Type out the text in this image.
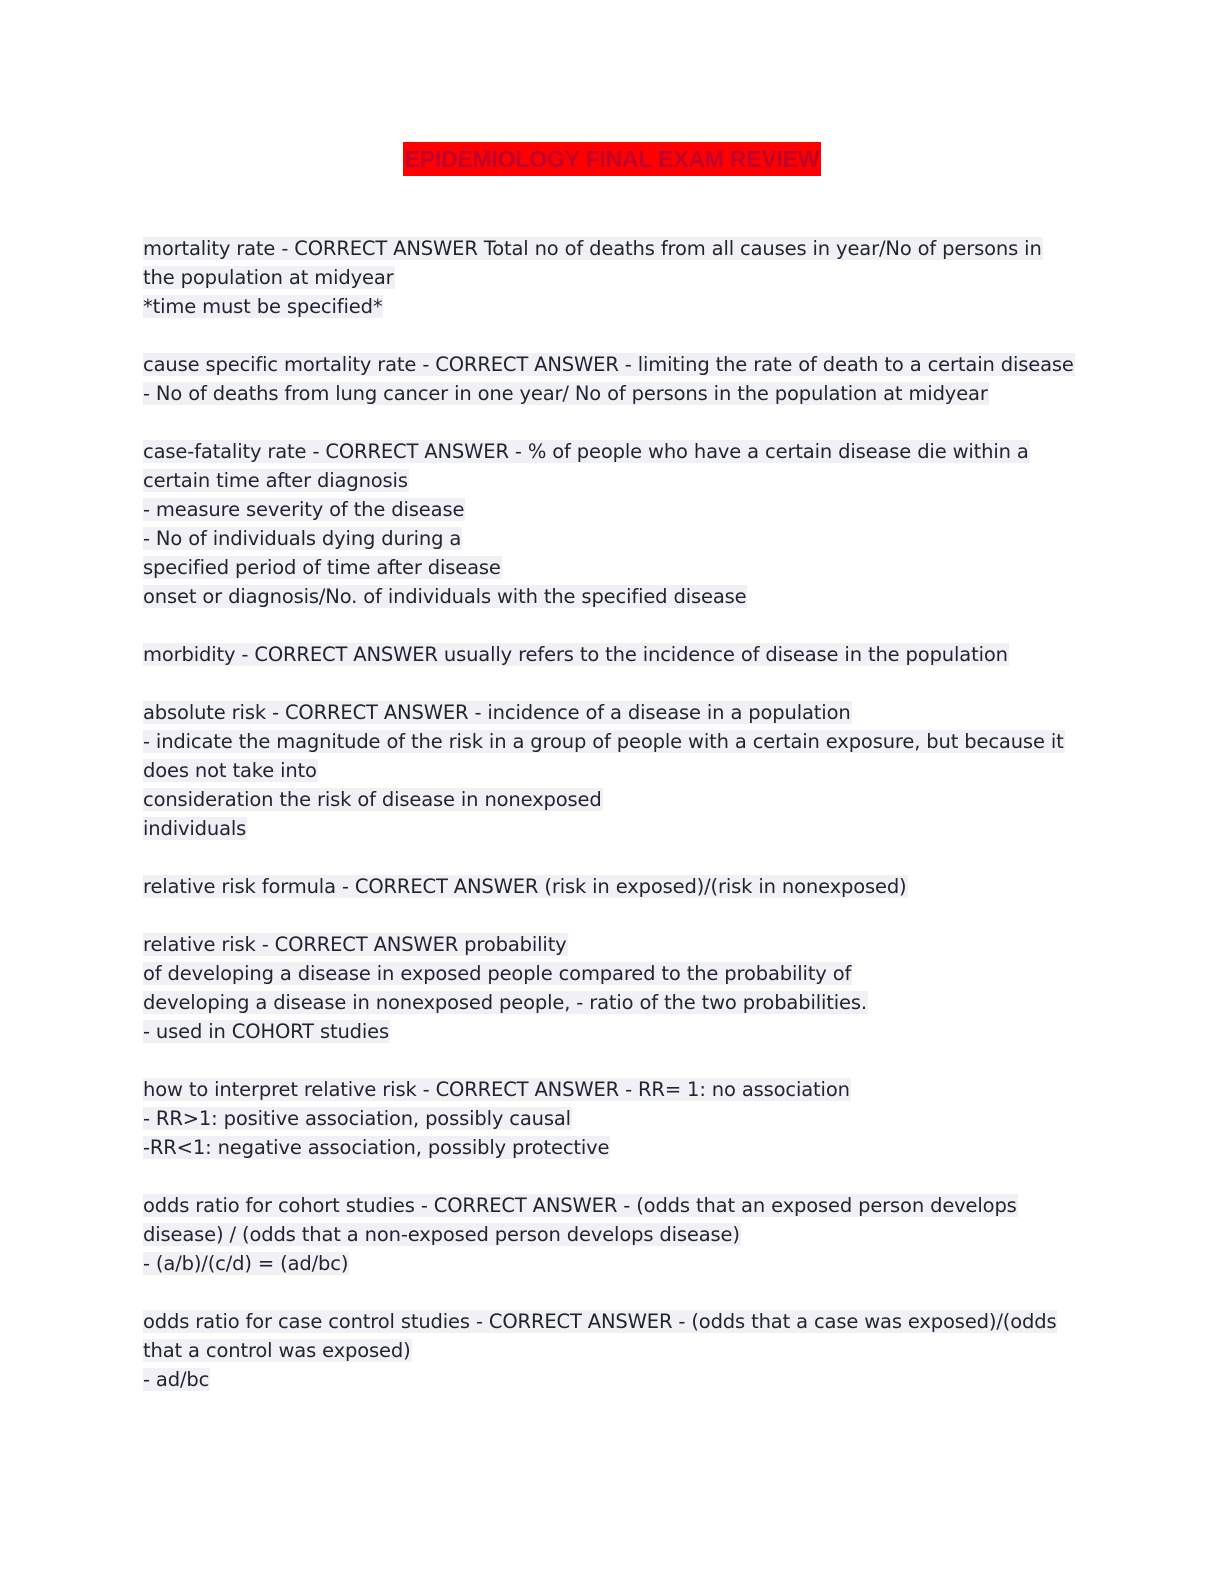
EPIDEMIOLOGY FINAL EXAM REVIEW
mortality rate - CORRECT ANSWER Total no of deaths from all causes in year/No of persons in
the population at midyear
*time must be specified*
cause specific mortality rate - CORRECT ANSWER - limiting the rate of death to a certain disease
- No of deaths from lung cancer in one year/ No of persons in the population at midyear
case-fatality rate - CORRECT ANSWER - % of people who have a certain disease die within a
certain time after diagnosis
- measure severity of the disease
- No of individuals dying during a
specified period of time after disease
onset or diagnosis/No. of individuals with the specified disease
morbidity - CORRECT ANSWER usually refers to the incidence of disease in the population
absolute risk - CORRECT ANSWER - incidence of a disease in a population
- indicate the magnitude of the risk in a group of people with a certain exposure, but because it
does not take into
consideration the risk of disease in nonexposed
individuals
relative risk formula - CORRECT ANSWER (risk in exposed)/(risk in nonexposed)
relative risk - CORRECT ANSWER probability
of developing a disease in exposed people compared to the probability of
developing a disease in nonexposed people, - ratio of the two probabilities.
- used in COHORT studies
how to interpret relative risk - CORRECT ANSWER - RR= 1: no association
- RR>1: positive association, possibly causal
-RR<1: negative association, possibly protective
odds ratio for cohort studies - CORRECT ANSWER - (odds that an exposed person develops
disease) / (odds that a non-exposed person develops disease)
- (a/b)/(c/d) = (ad/bc)
odds ratio for case control studies - CORRECT ANSWER - (odds that a case was exposed)/(odds
that a control was exposed)
- ad/bc
